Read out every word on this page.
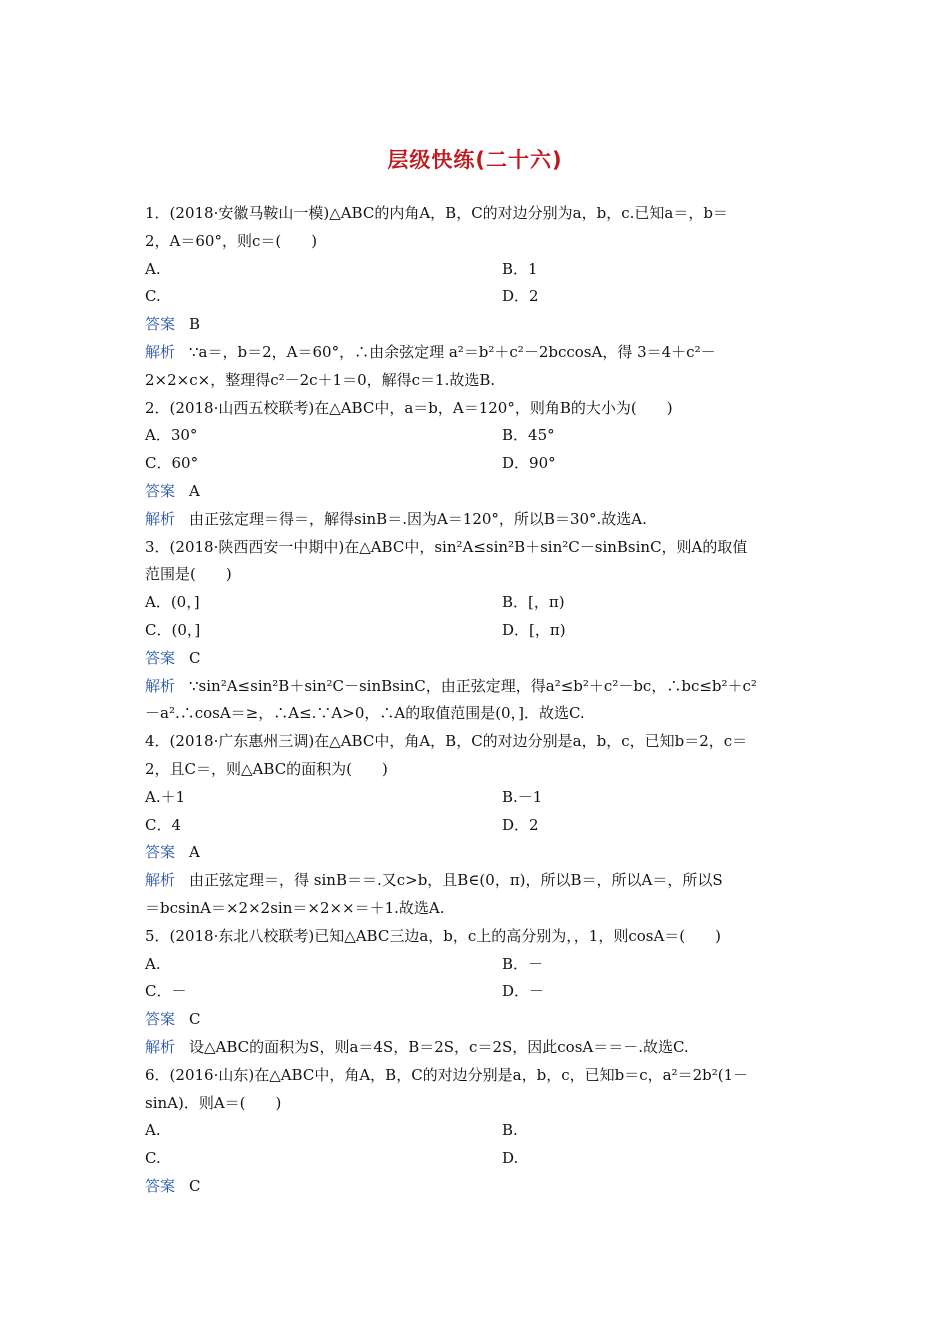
层级快练(二十六)
1．(2018·安徽马鞍山一模)△ABC的内角A，B，C的对边分别为a，b，c.已知a＝，b＝
2，A＝60°，则c＝(　　)
A.	B．1
C.	D．2
答案 B
解析 ∵a＝，b＝2，A＝60°，∴由余弦定理 a²＝b²＋c²－2bccosA，得 3＝4＋c²－
2×2×c×，整理得c²－2c＋1＝0，解得c＝1.故选B.
2．(2018·山西五校联考)在△ABC中，a＝b，A＝120°，则角B的大小为(　　)
A．30°	B．45°
C．60°	D．90°
答案 A
解析 由正弦定理＝得＝，解得sinB＝.因为A＝120°，所以B＝30°.故选A.
3．(2018·陕西西安一中期中)在△ABC中，sin²A≤sin²B＋sin²C－sinBsinC，则A的取值
范围是(　　)
A．(0，]	B．[，π)
C．(0，]	D．[，π)
答案 C
解析 ∵sin²A≤sin²B＋sin²C－sinBsinC，由正弦定理，得a²≤b²＋c²－bc，∴bc≤b²＋c²
－a².∴cosA＝≥，∴A≤.∵A>0，∴A的取值范围是(0，]．故选C.
4．(2018·广东惠州三调)在△ABC中，角A，B，C的对边分别是a，b，c，已知b＝2，c＝
2，且C＝，则△ABC的面积为(　　)
A.＋1	B.－1
C．4	D．2
答案 A
解析 由正弦定理＝，得 sinB＝＝.又c>b，且B∈(0，π)，所以B＝，所以A＝，所以S
＝bcsinA＝×2×2sin＝×2××＝＋1.故选A.
5．(2018·东北八校联考)已知△ABC三边a，b，c上的高分别为，，1，则cosA＝(　　)
A.	B．－
C．－	D．－
答案 C
解析 设△ABC的面积为S，则a＝4S，B＝2S，c＝2S，因此cosA＝＝－.故选C.
6．(2016·山东)在△ABC中，角A，B，C的对边分别是a，b，c，已知b＝c，a²＝2b²(1－
sinA)．则A＝(　　)
A.	B.
C.	D.
答案 C
